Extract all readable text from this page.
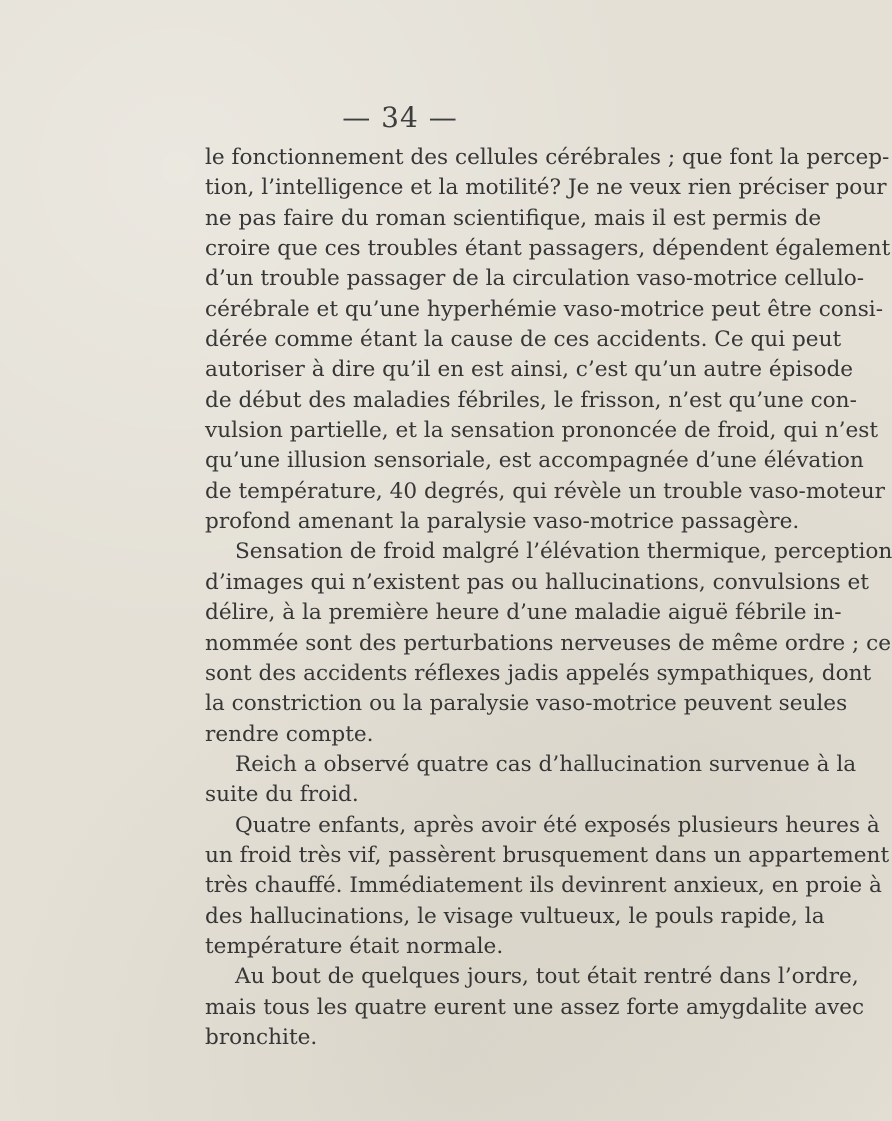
— 34 —
le fonctionnement des cellules cérébrales ; que font la percep-
tion, l’intelligence et la motilité? Je ne veux rien préciser pour
ne pas faire du roman scientifique, mais il est permis de
croire que ces troubles étant passagers, dépendent également
d’un trouble passager de la circulation vaso-motrice cellulo-
cérébrale et qu’une hyperhémie vaso-motrice peut être consi-
dérée comme étant la cause de ces accidents. Ce qui peut
autoriser à dire qu’il en est ainsi, c’est qu’un autre épisode
de début des maladies fébriles, le frisson, n’est qu’une con-
vulsion partielle, et la sensation prononcée de froid, qui n’est
qu’une illusion sensoriale, est accompagnée d’une élévation
de température, 40 degrés, qui révèle un trouble vaso-moteur
profond amenant la paralysie vaso-motrice passagère.
Sensation de froid malgré l’élévation thermique, perception
d’images qui n’existent pas ou hallucinations, convulsions et
délire, à la première heure d’une maladie aiguë fébrile in-
nommée sont des perturbations nerveuses de même ordre ; ce
sont des accidents réflexes jadis appelés sympathiques, dont
la constriction ou la paralysie vaso-motrice peuvent seules
rendre compte.
Reich a observé quatre cas d’hallucination survenue à la
suite du froid.
Quatre enfants, après avoir été exposés plusieurs heures à
un froid très vif, passèrent brusquement dans un appartement
très chauffé. Immédiatement ils devinrent anxieux, en proie à
des hallucinations, le visage vultueux, le pouls rapide, la
température était normale.
Au bout de quelques jours, tout était rentré dans l’ordre,
mais tous les quatre eurent une assez forte amygdalite avec
bronchite.
